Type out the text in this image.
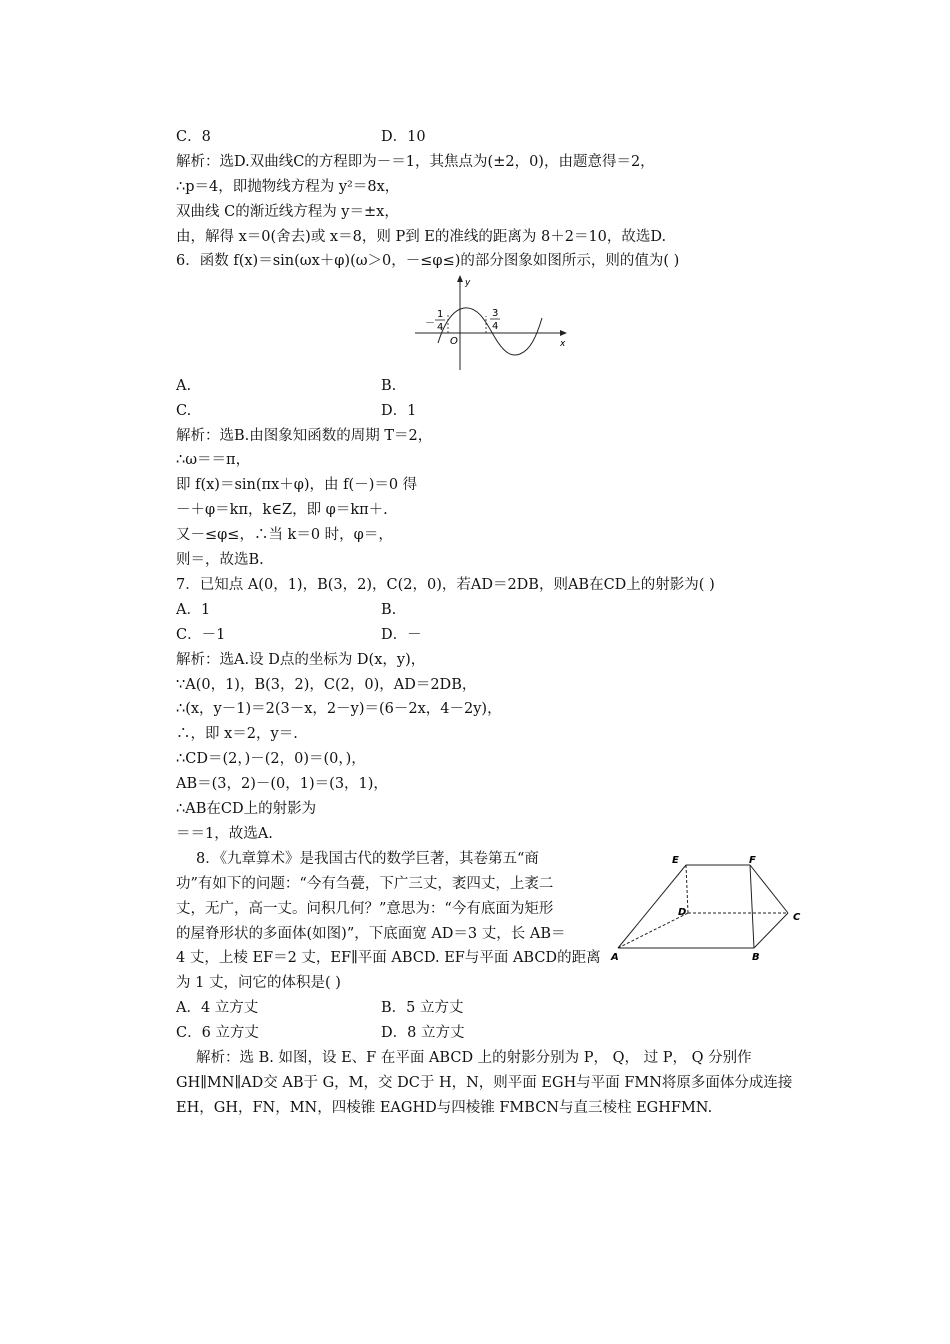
C．8	D．10
解析：选D.双曲线C的方程即为－＝1，其焦点为(±2，0)，由题意得＝2，
∴p＝4，即抛物线方程为 y²＝8x，
双曲线 C的渐近线方程为 y＝±x，
由，解得 x＝0(舍去)或 x＝8，则 P到 E的准线的距离为 8＋2＝10，故选D.
6．函数 f(x)＝sin(ωx＋φ)(ω＞0，－≤φ≤)的部分图象如图所示，则的值为( )
y
x
O
－
1
4
3
4
A.	B.
C.	D．1
解析：选B.由图象知函数的周期 T＝2，
∴ω＝＝π，
即 f(x)＝sin(πx＋φ)，由 f(－)＝0 得
－＋φ＝kπ，k∈Z，即 φ＝kπ＋.
又－≤φ≤，∴当 k＝0 时，φ＝，
则＝，故选B.
7．已知点 A(0，1)，B(3，2)，C(2，0)，若AD＝2DB，则AB在CD上的射影为( )
A．1	B.
C．－1	D．－
解析：选A.设 D点的坐标为 D(x，y)，
∵A(0，1)，B(3，2)，C(2，0)，AD＝2DB，
∴(x，y－1)＝2(3－x，2－y)＝(6－2x，4－2y)，
∴，即 x＝2，y＝.
∴CD＝(2，)－(2，0)＝(0，)，
AB＝(3，2)－(0，1)＝(3，1)，
∴AB在CD上的射影为
＝＝1，故选A.
8．《九章算术》是我国古代的数学巨著，其卷第五“商
功”有如下的问题：“今有刍甍，下广三丈，袤四丈，上袤二
丈，无广，高一丈。问积几何？”意思为：“今有底面为矩形
的屋脊形状的多面体(如图)”，下底面宽 AD＝3 丈，长 AB＝
4 丈，上棱 EF＝2 丈，EF∥平面 ABCD. EF与平面 ABCD的距离
为 1 丈，问它的体积是( )
E	F
D	C
A	B
A．4 立方丈	B．5 立方丈
C．6 立方丈	D．8 立方丈
解析：选 B. 如图，设 E、F 在平面 ABCD 上的射影分别为 P， Q， 过 P， Q 分别作
GH∥MN∥AD交 AB于 G，M，交 DC于 H，N，则平面 EGH与平面 FMN将原多面体分成连接
EH，GH，FN，MN，四棱锥 EAGHD与四棱锥 FMBCN与直三棱柱 EGHFMN.
